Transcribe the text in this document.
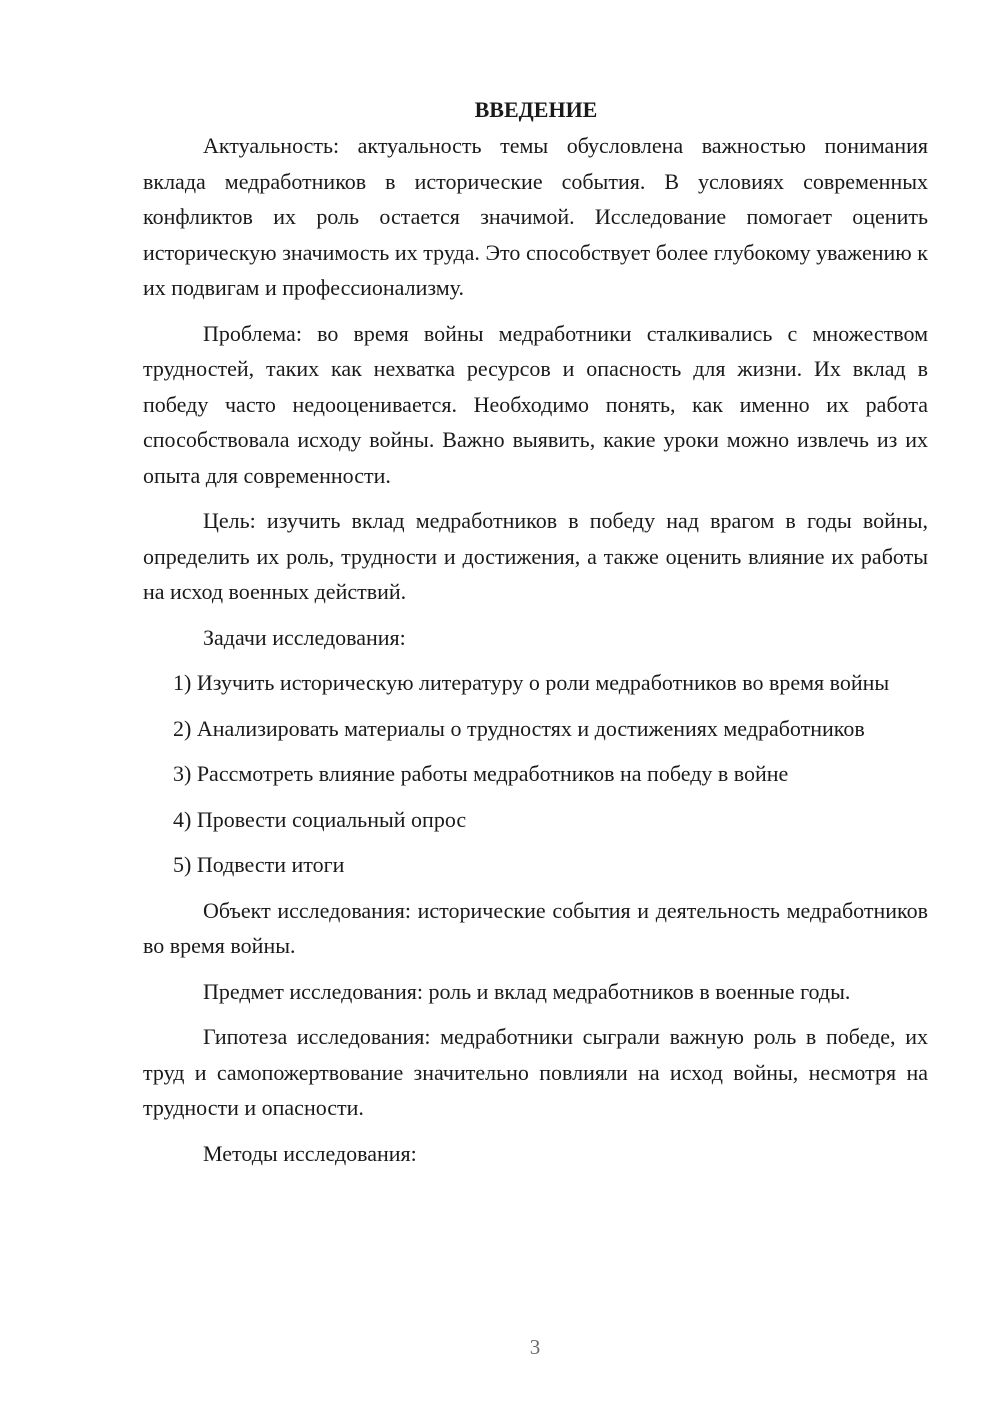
ВВЕДЕНИЕ

Актуальность: актуальность темы обусловлена важностью понимания вклада медработников в исторические события. В условиях современных конфликтов их роль остается значимой. Исследование помогает оценить историческую значимость их труда. Это способствует более глубокому уважению к их подвигам и профессионализму.

Проблема: во время войны медработники сталкивались с множеством трудностей, таких как нехватка ресурсов и опасность для жизни. Их вклад в победу часто недооценивается. Необходимо понять, как именно их работа способствовала исходу войны. Важно выявить, какие уроки можно извлечь из их опыта для современности.

Цель: изучить вклад медработников в победу над врагом в годы войны, определить их роль, трудности и достижения, а также оценить влияние их работы на исход военных действий.

Задачи исследования:

1) Изучить историческую литературу о роли медработников во время войны

2) Анализировать материалы о трудностях и достижениях медработников

3) Рассмотреть влияние работы медработников на победу в войне

4) Провести социальный опрос

5) Подвести итоги

Объект исследования: исторические события и деятельность медработников во время войны.

Предмет исследования: роль и вклад медработников в военные годы.

Гипотеза исследования: медработники сыграли важную роль в победе, их труд и самопожертвование значительно повлияли на исход войны, несмотря на трудности и опасности.

Методы исследования:

3
